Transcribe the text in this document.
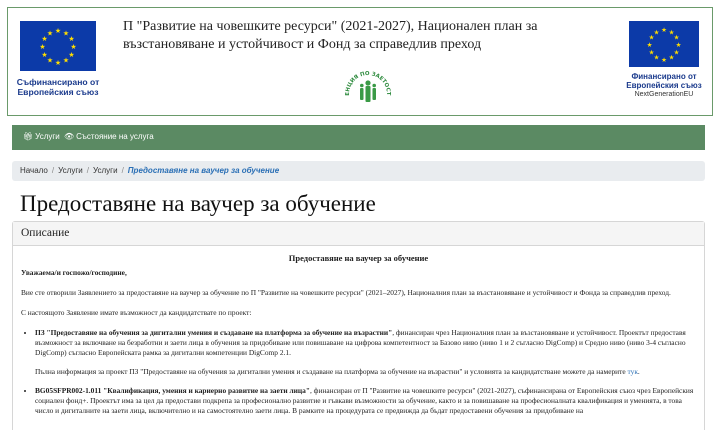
★ ★
★
★
★
★
★
★
★
★
★
★
Съфинансирано от Европейския съюз
П "Развитие на човешките ресурси" (2021-2027), Национален план за възстановяване и устойчивост и Фонд за справедлив преход
ЕНЦИЯ ПО ЗАЕТОСТ
★ ★
★
★
★
★
★
★
★
★
★
★
Финансирано от Европейския съюз
NextGenerationEU
🎁︎ Услуги 👁︎ Състояние на услуга
Начало / Услуги / Услуги / Предоставяне на ваучер за обучение
Предоставяне на ваучер за обучение
Описание
Предоставяне на ваучер за обучение
Уважаема/и госпожо/господине,
Вие сте отворили Заявлението за предоставяне на ваучер за обучение по П "Развитие на човешките ресурси" (2021–2027), Националния план за възстановяване и устойчивост и Фонда за справедлив преход.
С настоящото Заявление имате възможност да кандидатствате по проект:
• ПЗ "Предоставяне на обучения за дигитални умения и създаване на платформа за обучение на възрастни", финансиран чрез Националния план за възстановяване и устойчивост. Проектът предоставя възможност за включване на безработни и заети лица в обучения за придобиване или повишаване на цифрова компетентност за Базово ниво (ниво 1 и 2 съгласно DigComp) и Средно ниво (ниво 3-4 съгласно DigComp) съгласно Европейската рамка за дигитални компетенции DigComp 2.1.
Пълна информация за проект ПЗ "Предоставяне на обучения за дигитални умения и създаване на платформа за обучение на възрастни" и условията за кандидатстване можете да намерите тук.
• BG05SFPR002-1.011 "Квалификация, умения и кариерно развитие на заети лица", финансиран от П "Развитие на човешките ресурси" (2021-2027), съфинансирана от Европейския съюз чрез Европейския социален фонд+. Проектът има за цел да предостави подкрепа за професионално развитие и гъвкави възможности за обучение, както и за повишаване на професионалната квалификация и уменията, в това число и дигиталните на заети лица, включително и на самостоятелно заети лица. В рамките на процедурата се предвижда да бъдат предоставени обучения за придобиване на
